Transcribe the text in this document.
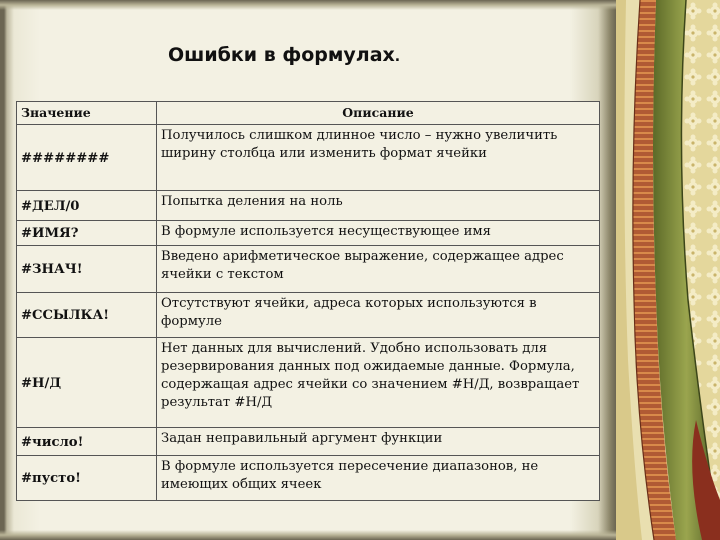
Ошибки в формулах.
Значение	Описание
########	Получилось слишком длинное число – нужно увеличить ширину столбца или изменить формат ячейки
#ДЕЛ/0	Попытка деления на ноль
#ИМЯ?	В формуле используется несуществующее имя
#ЗНАЧ!	Введено арифметическое выражение, содержащее адрес ячейки с текстом
#ССЫЛКА!	Отсутствуют ячейки, адреса которых используются в формуле
#Н/Д	Нет данных для вычислений. Удобно использовать для резервирования данных под ожидаемые данные. Формула, содержащая адрес ячейки со значением #Н/Д, возвращает результат #Н/Д
#число!	Задан неправильный аргумент функции
#пусто!	В формуле используется пересечение диапазонов, не имеющих общих ячеек
